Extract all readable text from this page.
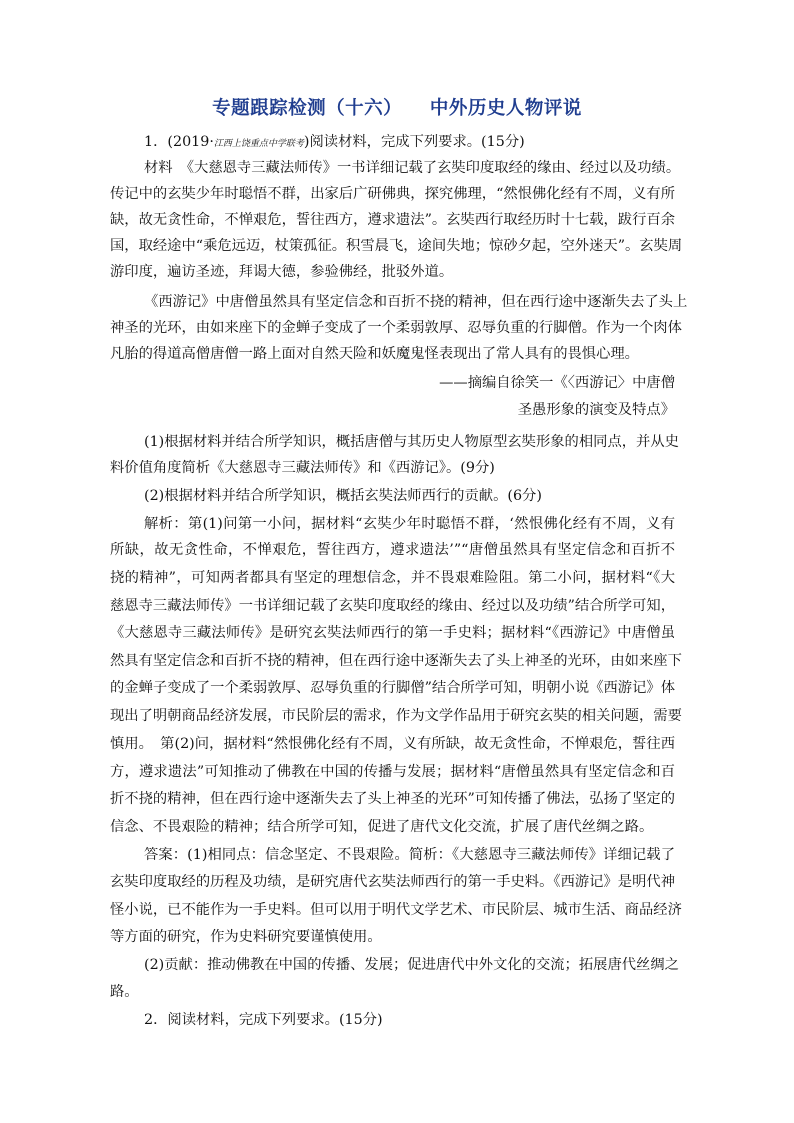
专题跟踪检测（十六）    中外历史人物评说
1．(2019·江西上饶重点中学联考)阅读材料，完成下列要求。(15分)
材料　《大慈恩寺三藏法师传》一书详细记载了玄奘印度取经的缘由、经过以及功绩。
传记中的玄奘少年时聪悟不群，出家后广研佛典，探究佛理，“然恨佛化经有不周，义有所
缺，故无贪性命，不惮艰危，誓往西方，遵求遗法”。玄奘西行取经历时十七载，跋行百余
国，取经途中“乘危远迈，杖策孤征。积雪晨飞，途间失地；惊砂夕起，空外迷天”。玄奘周
游印度，遍访圣迹，拜谒大德，参验佛经，批驳外道。
《西游记》中唐僧虽然具有坚定信念和百折不挠的精神，但在西行途中逐渐失去了头上
神圣的光环，由如来座下的金蝉子变成了一个柔弱敦厚、忍辱负重的行脚僧。作为一个肉体
凡胎的得道高僧唐僧一路上面对自然天险和妖魔鬼怪表现出了常人具有的畏惧心理。
——摘编自徐笑一《〈西游记〉中唐僧
圣愚形象的演变及特点》
(1)根据材料并结合所学知识，概括唐僧与其历史人物原型玄奘形象的相同点，并从史
料价值角度简析《大慈恩寺三藏法师传》和《西游记》。(9分)
(2)根据材料并结合所学知识，概括玄奘法师西行的贡献。(6分)
解析：第(1)问第一小问，据材料“玄奘少年时聪悟不群，‘然恨佛化经有不周，义有
所缺，故无贪性命，不惮艰危，誓往西方，遵求遗法’”“唐僧虽然具有坚定信念和百折不
挠的精神”，可知两者都具有坚定的理想信念，并不畏艰难险阻。第二小问，据材料“《大
慈恩寺三藏法师传》一书详细记载了玄奘印度取经的缘由、经过以及功绩”结合所学可知，
《大慈恩寺三藏法师传》是研究玄奘法师西行的第一手史料；据材料“《西游记》中唐僧虽
然具有坚定信念和百折不挠的精神，但在西行途中逐渐失去了头上神圣的光环，由如来座下
的金蝉子变成了一个柔弱敦厚、忍辱负重的行脚僧”结合所学可知，明朝小说《西游记》体
现出了明朝商品经济发展，市民阶层的需求，作为文学作品用于研究玄奘的相关问题，需要
慎用。　第(2)问，据材料“然恨佛化经有不周，义有所缺，故无贪性命，不惮艰危，誓往西
方，遵求遗法”可知推动了佛教在中国的传播与发展；据材料“唐僧虽然具有坚定信念和百
折不挠的精神，但在西行途中逐渐失去了头上神圣的光环”可知传播了佛法，弘扬了坚定的
信念、不畏艰险的精神；结合所学可知，促进了唐代文化交流，扩展了唐代丝绸之路。
答案：(1)相同点：信念坚定、不畏艰险。简析：《大慈恩寺三藏法师传》详细记载了
玄奘印度取经的历程及功绩，是研究唐代玄奘法师西行的第一手史料。《西游记》是明代神
怪小说，已不能作为一手史料。但可以用于明代文学艺术、市民阶层、城市生活、商品经济
等方面的研究，作为史料研究要谨慎使用。
(2)贡献：推动佛教在中国的传播、发展；促进唐代中外文化的交流；拓展唐代丝绸之
路。
2．阅读材料，完成下列要求。(15分)
